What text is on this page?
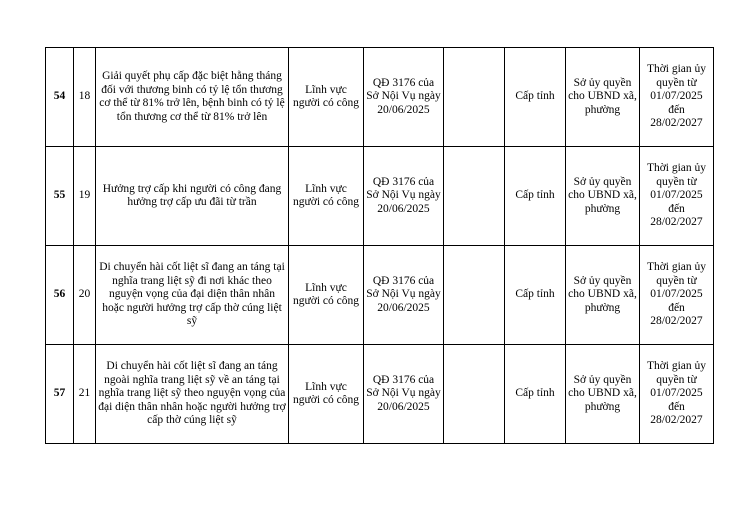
54	18	Giải quyết phụ cấp đặc biệt hằng tháng đối với thương binh có tỷ lệ tổn thương cơ thể từ 81% trở lên, bệnh binh có tỷ lệ tổn thương cơ thể từ 81% trở lên	Lĩnh vực người có công	QĐ 3176 của Sở Nội Vụ ngày 20/06/2025		Cấp tỉnh	Sở ủy quyền cho UBND xã, phường	Thời gian ủy quyền từ 01/07/2025 đến 28/02/2027
55	19	Hưởng trợ cấp khi người có công đang hưởng trợ cấp ưu đãi từ trần	Lĩnh vực người có công	QĐ 3176 của Sở Nội Vụ ngày 20/06/2025		Cấp tỉnh	Sở ủy quyền cho UBND xã, phường	Thời gian ủy quyền từ 01/07/2025 đến 28/02/2027
56	20	Di chuyển hài cốt liệt sĩ đang an táng tại nghĩa trang liệt sỹ đi nơi khác theo nguyện vọng của đại diện thân nhân hoặc người hưởng trợ cấp thờ cúng liệt sỹ	Lĩnh vực người có công	QĐ 3176 của Sở Nội Vụ ngày 20/06/2025		Cấp tỉnh	Sở ủy quyền cho UBND xã, phường	Thời gian ủy quyền từ 01/07/2025 đến 28/02/2027
57	21	Di chuyển hài cốt liệt sĩ đang an táng ngoài nghĩa trang liệt sỹ về an táng tại nghĩa trang liệt sỹ theo nguyện vọng của đại diện thân nhân hoặc người hưởng trợ cấp thờ cúng liệt sỹ	Lĩnh vực người có công	QĐ 3176 của Sở Nội Vụ ngày 20/06/2025		Cấp tỉnh	Sở ủy quyền cho UBND xã, phường	Thời gian ủy quyền từ 01/07/2025 đến 28/02/2027
